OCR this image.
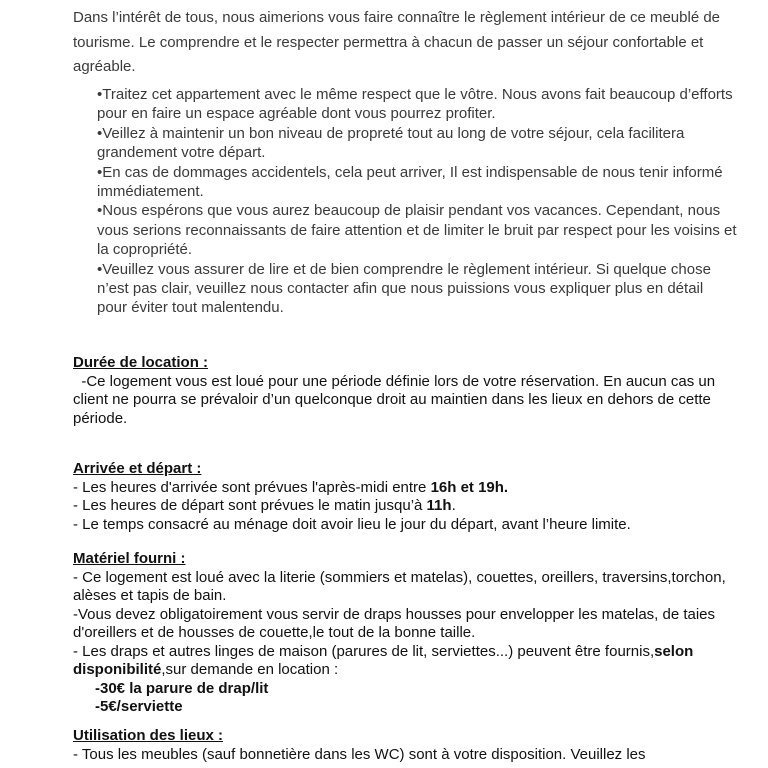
Dans l’intérêt de tous, nous aimerions vous faire connaître le règlement intérieur de ce meublé de tourisme. Le comprendre et le respecter permettra à chacun de passer un séjour confortable et agréable.

•Traitez cet appartement avec le même respect que le vôtre. Nous avons fait beaucoup d’efforts pour en faire un espace agréable dont vous pourrez profiter.

•Veillez à maintenir un bon niveau de propreté tout au long de votre séjour, cela facilitera grandement votre départ.

•En cas de dommages accidentels, cela peut arriver, Il est indispensable de nous tenir informé immédiatement.

•Nous espérons que vous aurez beaucoup de plaisir pendant vos vacances. Cependant, nous vous serions reconnaissants de faire attention et de limiter le bruit par respect pour les voisins et la copropriété.

•Veuillez vous assurer de lire et de bien comprendre le règlement intérieur. Si quelque chose n’est pas clair, veuillez nous contacter afin que nous puissions vous expliquer plus en détail pour éviter tout malentendu.

Durée de location :

-Ce logement vous est loué pour une période définie lors de votre réservation. En aucun cas un client ne pourra se prévaloir d’un quelconque droit au maintien dans les lieux en dehors de cette période.

Arrivée et départ :

- Les heures d'arrivée sont prévues l'après-midi entre 16h et 19h.

- Les heures de départ sont prévues le matin jusqu’à 11h.

- Le temps consacré au ménage doit avoir lieu le jour du départ, avant l’heure limite.

Matériel fourni :

- Ce logement est loué avec la literie (sommiers et matelas), couettes, oreillers, traversins,torchon, alèses et tapis de bain.

-Vous devez obligatoirement vous servir de draps housses pour envelopper les matelas, de taies d'oreillers et de housses de couette,le tout de la bonne taille.

- Les draps et autres linges de maison (parures de lit, serviettes...) peuvent être fournis,selon disponibilité,sur demande en location :

-30€ la parure de drap/lit

-5€/serviette

Utilisation des lieux :

- Tous les meubles (sauf bonnetière dans les WC) sont à votre disposition. Veuillez les
